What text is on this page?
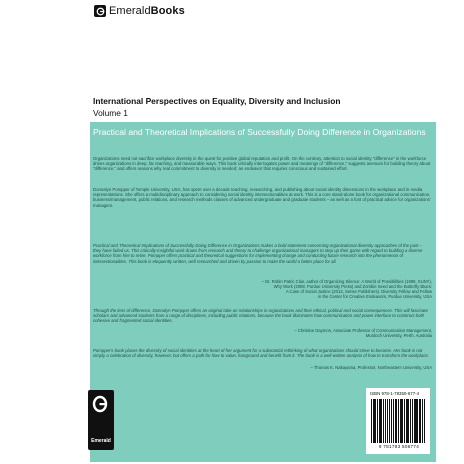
EmeraldBooks
International Perspectives on Equality, Diversity and Inclusion
Volume 1
Practical and Theoretical Implications of Successfully Doing Difference in Organizations

Organizations need not sacrifice workplace diversity in the quest for positive global reputation and profit. On the contrary, attention to social identity "difference" in the workforce drives organizations in deep, far reaching, and measurable ways. This book critically interrogates power and meanings of "difference," suggests avenues for building theory about "difference," and offers reasons why real commitment to diversity is needed; an endeavor that requires conscious and sustained effort.

Donnalyn Pompper of Temple University, USA, has spent over a decade teaching, researching, and publishing about social identity dimensions in the workplace and in media representations. She offers a multidisciplinary approach to considering social identity intersectionalities at work. This is a core stand-alone book for organizational communication, business/management, public relations, and research methods classes of advanced undergraduate and graduate students – as well as a font of practical advice for organizations' managers.

Practical and Theoretical Implications of Successfully Doing Difference in Organizations makes a bold statement concerning organizational diversity approaches of the past – they have failed us. This critically-insightful work draws from research and theory to challenge organizational managers to step up their game with regard to building a diverse workforce from hire to retire. Pompper offers practical and theoretical suggestions for implementing change and conducting future research into the phenomenon of intersectionalities. This book is eloquently written, well researched and driven by passion to make the world a better place for all.

– Dr. Robin Patric Clair, author of Organizing Silence: A World of Possibilities (1998, SUNY),
Why Work (2008, Purdue University Press) and Zombie Seed and the Butterfly Blues:
A Case of Social Justice (2013, Sense Publishers). Diversity Fellow and Fellow
in the Center for Creative Endeavors, Purdue University, USA

Through the lens of difference, Donnalyn Pompper offers an original take on relationships in organizations and their ethical, political and social consequences. This will fascinate scholars and advanced students from a range of disciplines, including public relations, because the book illuminates how communication and power interface to construct both cohesive and fragmented social identities.

– Christine Daymon, Associate Professor of Communication Management,
Murdoch University, Perth, Australia

Pompper's book places the diversity of social identities at the heart of her argument for a substantial rethinking of what organizations should strive to become. Her book is not simply a celebration of diversity, however, but offers a path for how to value, foreground and benefit from it. The book is a well-written analysis of how to transform the workplace.

– Thomas K. Nakayama, Professor, Northeastern University, USA
Emerald
ISBN 978-1-78350-677-4
9 781783 506774
